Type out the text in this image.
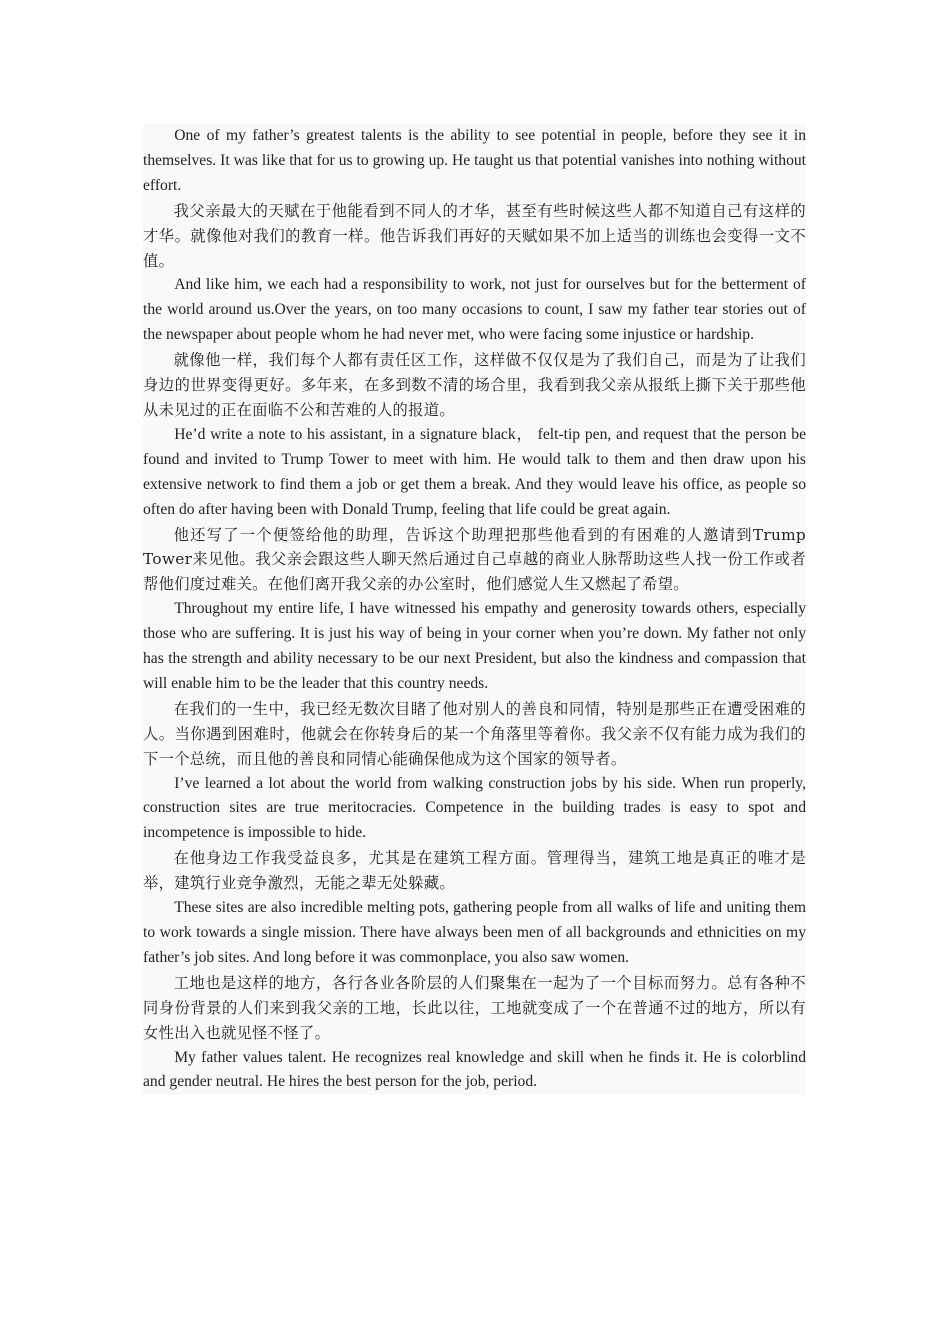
One of my father’s greatest talents is the ability to see potential in people, before they see it in themselves. It was like that for us to growing up. He taught us that potential vanishes into nothing without effort.

我父亲最大的天赋在于他能看到不同人的才华，甚至有些时候这些人都不知道自己有这样的才华。就像他对我们的教育一样。他告诉我们再好的天赋如果不加上适当的训练也会变得一文不值。

And like him, we each had a responsibility to work, not just for ourselves but for the betterment of the world around us.Over the years, on too many occasions to count, I saw my father tear stories out of the newspaper about people whom he had never met, who were facing some injustice or hardship.

就像他一样，我们每个人都有责任区工作，这样做不仅仅是为了我们自己，而是为了让我们身边的世界变得更好。多年来，在多到数不清的场合里，我看到我父亲从报纸上撕下关于那些他从未见过的正在面临不公和苦难的人的报道。

He’d write a note to his assistant, in a signature black， felt-tip pen, and request that the person be found and invited to Trump Tower to meet with him. He would talk to them and then draw upon his extensive network to find them a job or get them a break. And they would leave his office, as people so often do after having been with Donald Trump, feeling that life could be great again.

他还写了一个便签给他的助理，告诉这个助理把那些他看到的有困难的人邀请到Trump Tower来见他。我父亲会跟这些人聊天然后通过自己卓越的商业人脉帮助这些人找一份工作或者帮他们度过难关。在他们离开我父亲的办公室时，他们感觉人生又燃起了希望。

Throughout my entire life, I have witnessed his empathy and generosity towards others, especially those who are suffering. It is just his way of being in your corner when you’re down. My father not only has the strength and ability necessary to be our next President, but also the kindness and compassion that will enable him to be the leader that this country needs.

在我们的一生中，我已经无数次目睹了他对别人的善良和同情，特别是那些正在遭受困难的人。当你遇到困难时，他就会在你转身后的某一个角落里等着你。我父亲不仅有能力成为我们的下一个总统，而且他的善良和同情心能确保他成为这个国家的领导者。

I’ve learned a lot about the world from walking construction jobs by his side. When run properly, construction sites are true meritocracies. Competence in the building trades is easy to spot and incompetence is impossible to hide.

在他身边工作我受益良多，尤其是在建筑工程方面。管理得当，建筑工地是真正的唯才是举，建筑行业竞争激烈，无能之辈无处躲藏。

These sites are also incredible melting pots, gathering people from all walks of life and uniting them to work towards a single mission. There have always been men of all backgrounds and ethnicities on my father’s job sites. And long before it was commonplace, you also saw women.

工地也是这样的地方，各行各业各阶层的人们聚集在一起为了一个目标而努力。总有各种不同身份背景的人们来到我父亲的工地，长此以往，工地就变成了一个在普通不过的地方，所以有女性出入也就见怪不怪了。

My father values talent. He recognizes real knowledge and skill when he finds it. He is colorblind and gender neutral. He hires the best person for the job, period.
